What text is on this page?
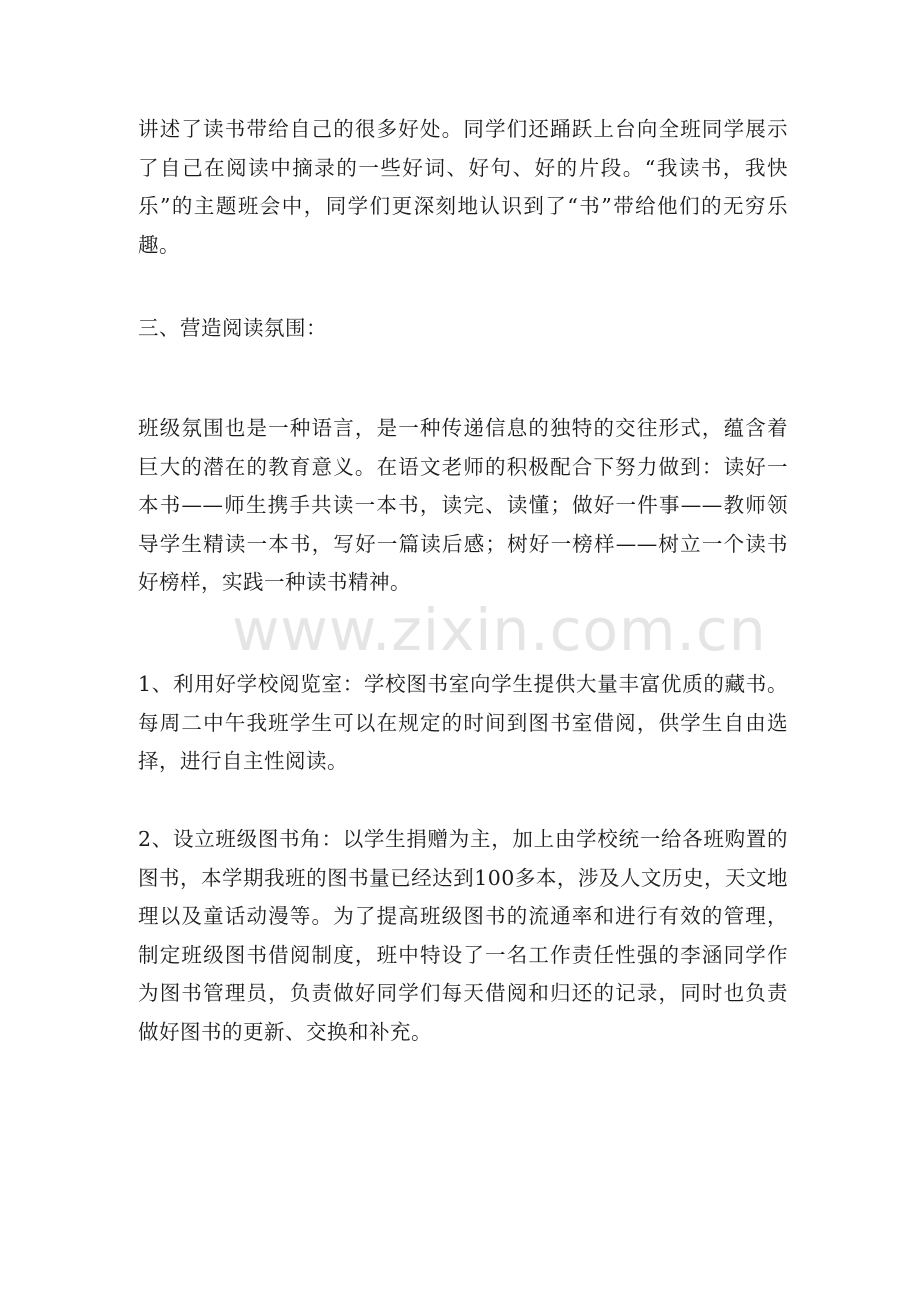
讲述了读书带给自己的很多好处。同学们还踊跃上台向全班同学展示了自己在阅读中摘录的一些好词、好句、好的片段。“我读书，我快乐”的主题班会中，同学们更深刻地认识到了“书”带给他们的无穷乐趣。

三、营造阅读氛围：

班级氛围也是一种语言，是一种传递信息的独特的交往形式，蕴含着巨大的潜在的教育意义。在语文老师的积极配合下努力做到：读好一本书——师生携手共读一本书，读完、读懂；做好一件事——教师领导学生精读一本书，写好一篇读后感；树好一榜样——树立一个读书好榜样，实践一种读书精神。

1、利用好学校阅览室：学校图书室向学生提供大量丰富优质的藏书。每周二中午我班学生可以在规定的时间到图书室借阅，供学生自由选择，进行自主性阅读。

2、设立班级图书角：以学生捐赠为主，加上由学校统一给各班购置的图书，本学期我班的图书量已经达到100多本，涉及人文历史，天文地理以及童话动漫等。为了提高班级图书的流通率和进行有效的管理，制定班级图书借阅制度，班中特设了一名工作责任性强的李涵同学作为图书管理员，负责做好同学们每天借阅和归还的记录，同时也负责做好图书的更新、交换和补充。

www.zixin.com.cn
